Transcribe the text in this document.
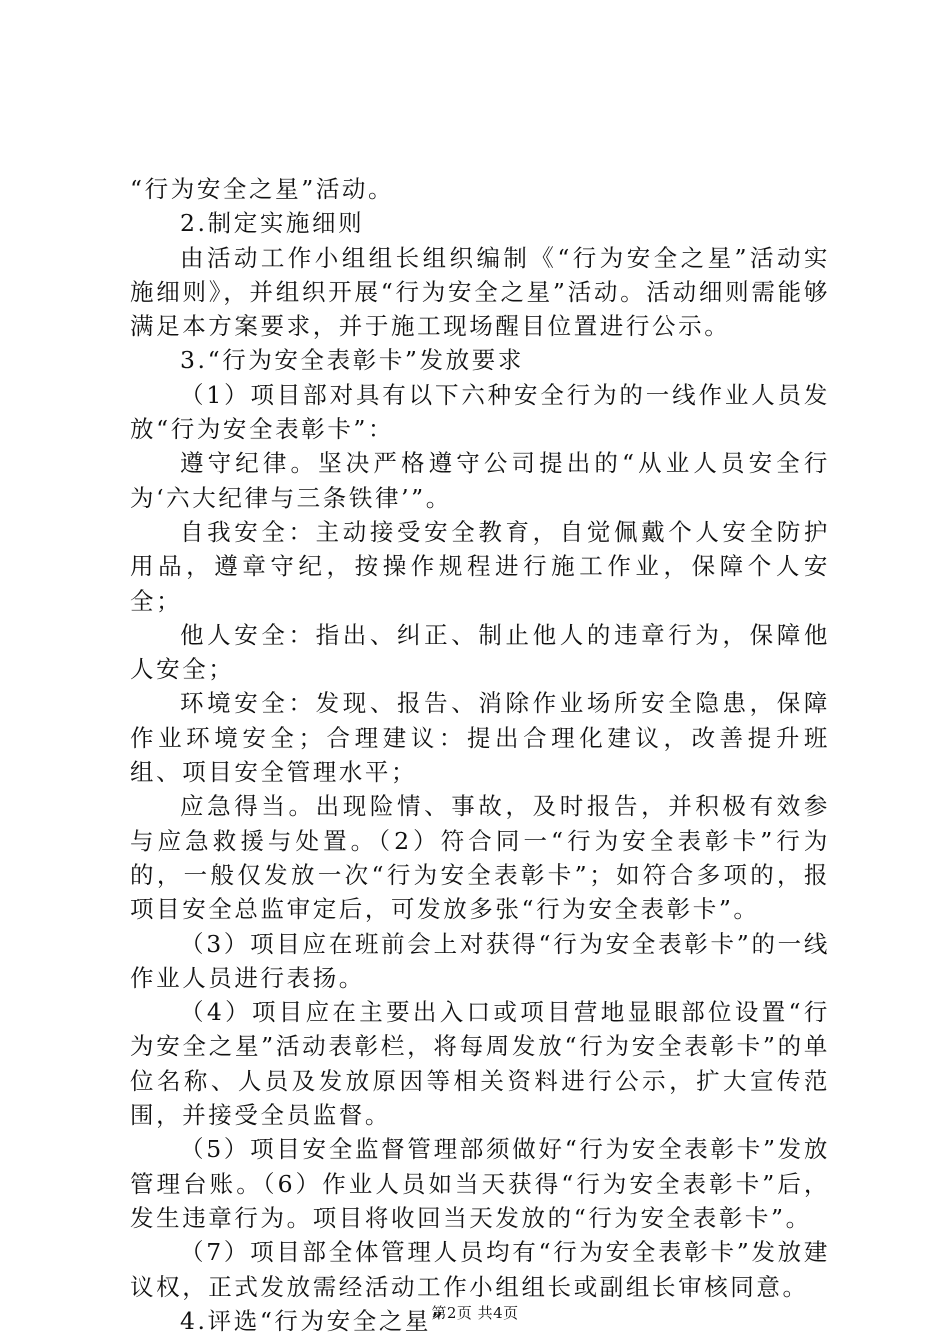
“行为安全之星”活动。

2.制定实施细则

由活动工作小组组长组织编制《“行为安全之星”活动实施细则》，并组织开展“行为安全之星”活动。活动细则需能够满足本方案要求，并于施工现场醒目位置进行公示。

3.“行为安全表彰卡”发放要求

（1）项目部对具有以下六种安全行为的一线作业人员发放“行为安全表彰卡”：

遵守纪律。坚决严格遵守公司提出的“从业人员安全行为‘六大纪律与三条铁律’”。

自我安全：主动接受安全教育，自觉佩戴个人安全防护用品，遵章守纪，按操作规程进行施工作业，保障个人安全；

他人安全：指出、纠正、制止他人的违章行为，保障他人安全；

环境安全：发现、报告、消除作业场所安全隐患，保障作业环境安全；合理建议：提出合理化建议，改善提升班组、项目安全管理水平；

应急得当。出现险情、事故，及时报告，并积极有效参与应急救援与处置。（2）符合同一“行为安全表彰卡”行为的，一般仅发放一次“行为安全表彰卡”；如符合多项的，报项目安全总监审定后，可发放多张“行为安全表彰卡”。

（3）项目应在班前会上对获得“行为安全表彰卡”的一线作业人员进行表扬。

（4）项目应在主要出入口或项目营地显眼部位设置“行为安全之星”活动表彰栏，将每周发放“行为安全表彰卡”的单位名称、人员及发放原因等相关资料进行公示，扩大宣传范围，并接受全员监督。

（5）项目安全监督管理部须做好“行为安全表彰卡”发放管理台账。（6）作业人员如当天获得“行为安全表彰卡”后，发生违章行为。项目将收回当天发放的“行为安全表彰卡”。

（7）项目部全体管理人员均有“行为安全表彰卡”发放建议权，正式发放需经活动工作小组组长或副组长审核同意。

4.评选“行为安全之星”

第2页 共4页
